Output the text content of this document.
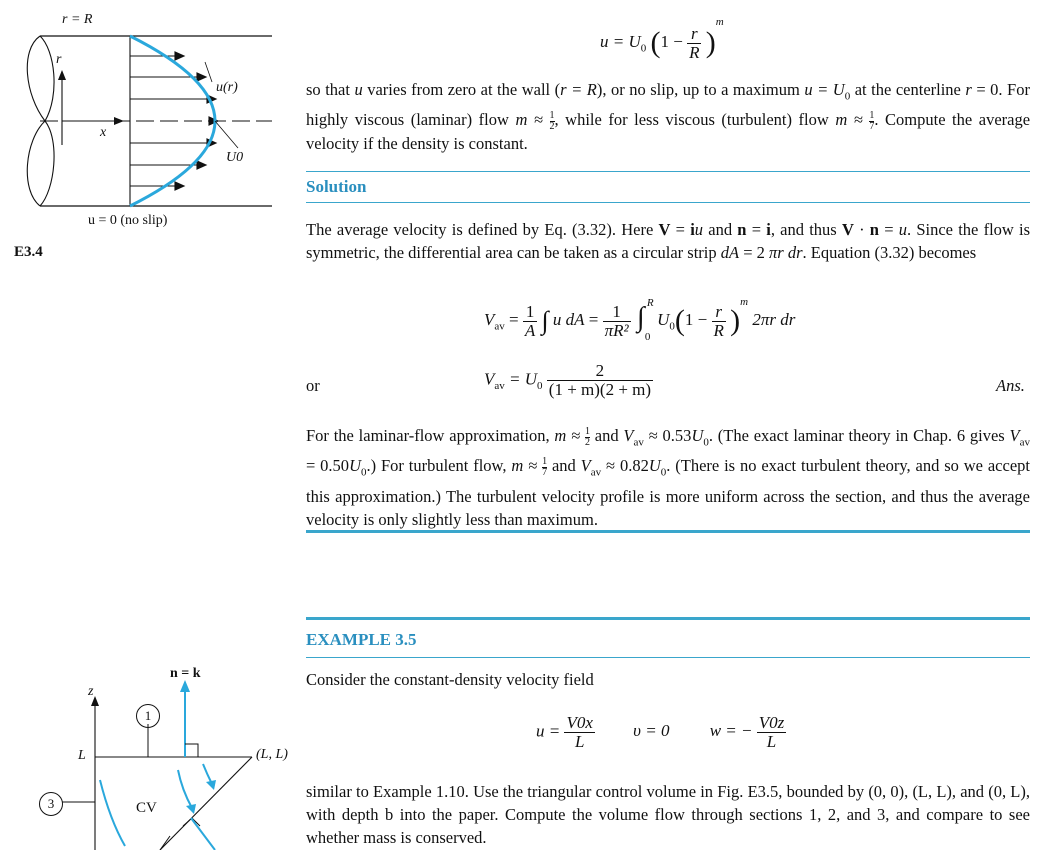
r = R
r
x
u(r)
U0
u = 0 (no slip)
E3.4
$u = U_0$ $(1 - \frac{r}{R} )^m$
so that u varies from zero at the wall (r = R), or no slip, up to a maximum $u = U_0$ at the centerline r = 0. For highly viscous (laminar) flow $m \approx \frac{1}{2}$ , while for less viscous (turbulent) flow $m \approx \frac{1}{7}$ . Compute the average velocity if the density is constant.
Solution
The average velocity is defined by Eq. (3.32). Here V = iu and n = i, and thus V · n = u. Since the flow is symmetric, the differential area can be taken as a circular strip dA = 2 πr dr. Equation (3.32) becomes
$V_{av} = \frac{1}{A}$ ∫ u dA = $\frac{1}{\text{πR²}}$
∫ R
0
$U_0(1 - \frac{r}{R} )^m$ 2πr dr
or	$V_{av} = U_0 \frac{2}{(1 + m)(2 + m)}$	Ans.
For the laminar-flow approximation, $m \approx \frac{1}{2}$ and $V_{av} \approx 0.53U_0$. (The exact laminar theory in Chap. 6 gives $V_{av} = 0.50U_0$.) For turbulent flow, $m \approx \frac{1}{7}$ and $V_{av} \approx 0.82U_0$. (There is no exact turbulent theory, and so we accept this approximation.) The turbulent velocity profile is more uniform across the section, and thus the average velocity is only slightly less than maximum.
EXAMPLE 3.5
Consider the constant-density velocity field
$u = \frac{V0x}{L}$ υ = 0 w = − $\frac{V0z}{L}$
similar to Example 1.10. Use the triangular control volume in Fig. E3.5, bounded by (0, 0), (L, L), and (0, L), with depth b into the paper. Compute the volume flow through sections 1, 2, and 3, and compare to see whether mass is conserved.
n = k
z
L	(L, L)
1
3	CV
